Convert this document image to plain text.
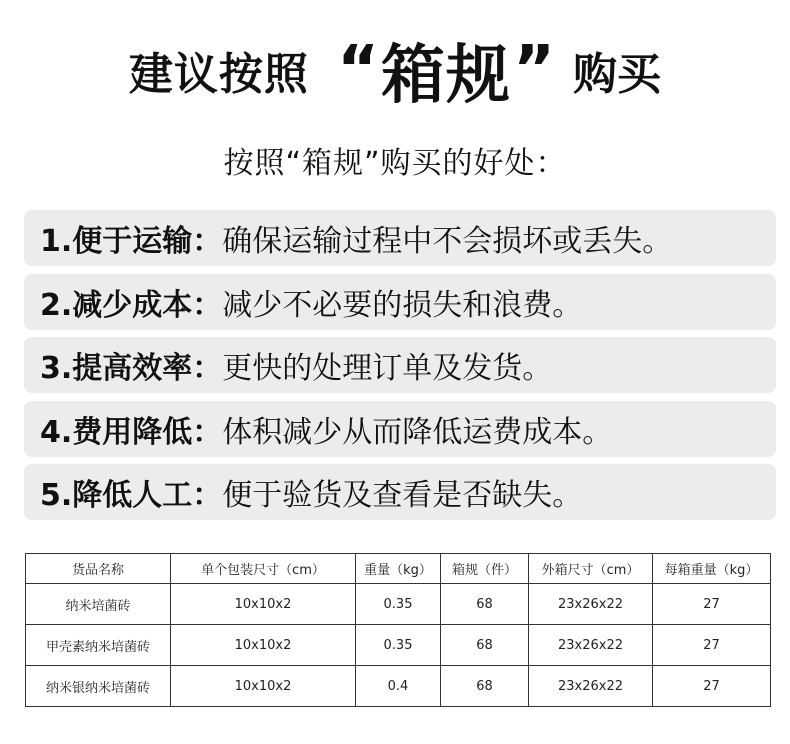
建议按照 “ 箱规 ” 购买
按照“箱规”购买的好处：
1.便于运输： 确保运输过程中不会损坏或丢失。
2.减少成本： 减少不必要的损失和浪费。
3.提高效率： 更快的处理订单及发货。
4.费用降低： 体积减少从而降低运费成本。
5.降低人工： 便于验货及查看是否缺失。
货品名称	单个包装尺寸（cm）	重量（kg）	箱规（件）	外箱尺寸（cm）	每箱重量（kg）
纳米培菌砖	10x10x2	0.35	68	23x26x22	27
甲壳素纳米培菌砖	10x10x2	0.35	68	23x26x22	27
纳米银纳米培菌砖	10x10x2	0.4	68	23x26x22	27
